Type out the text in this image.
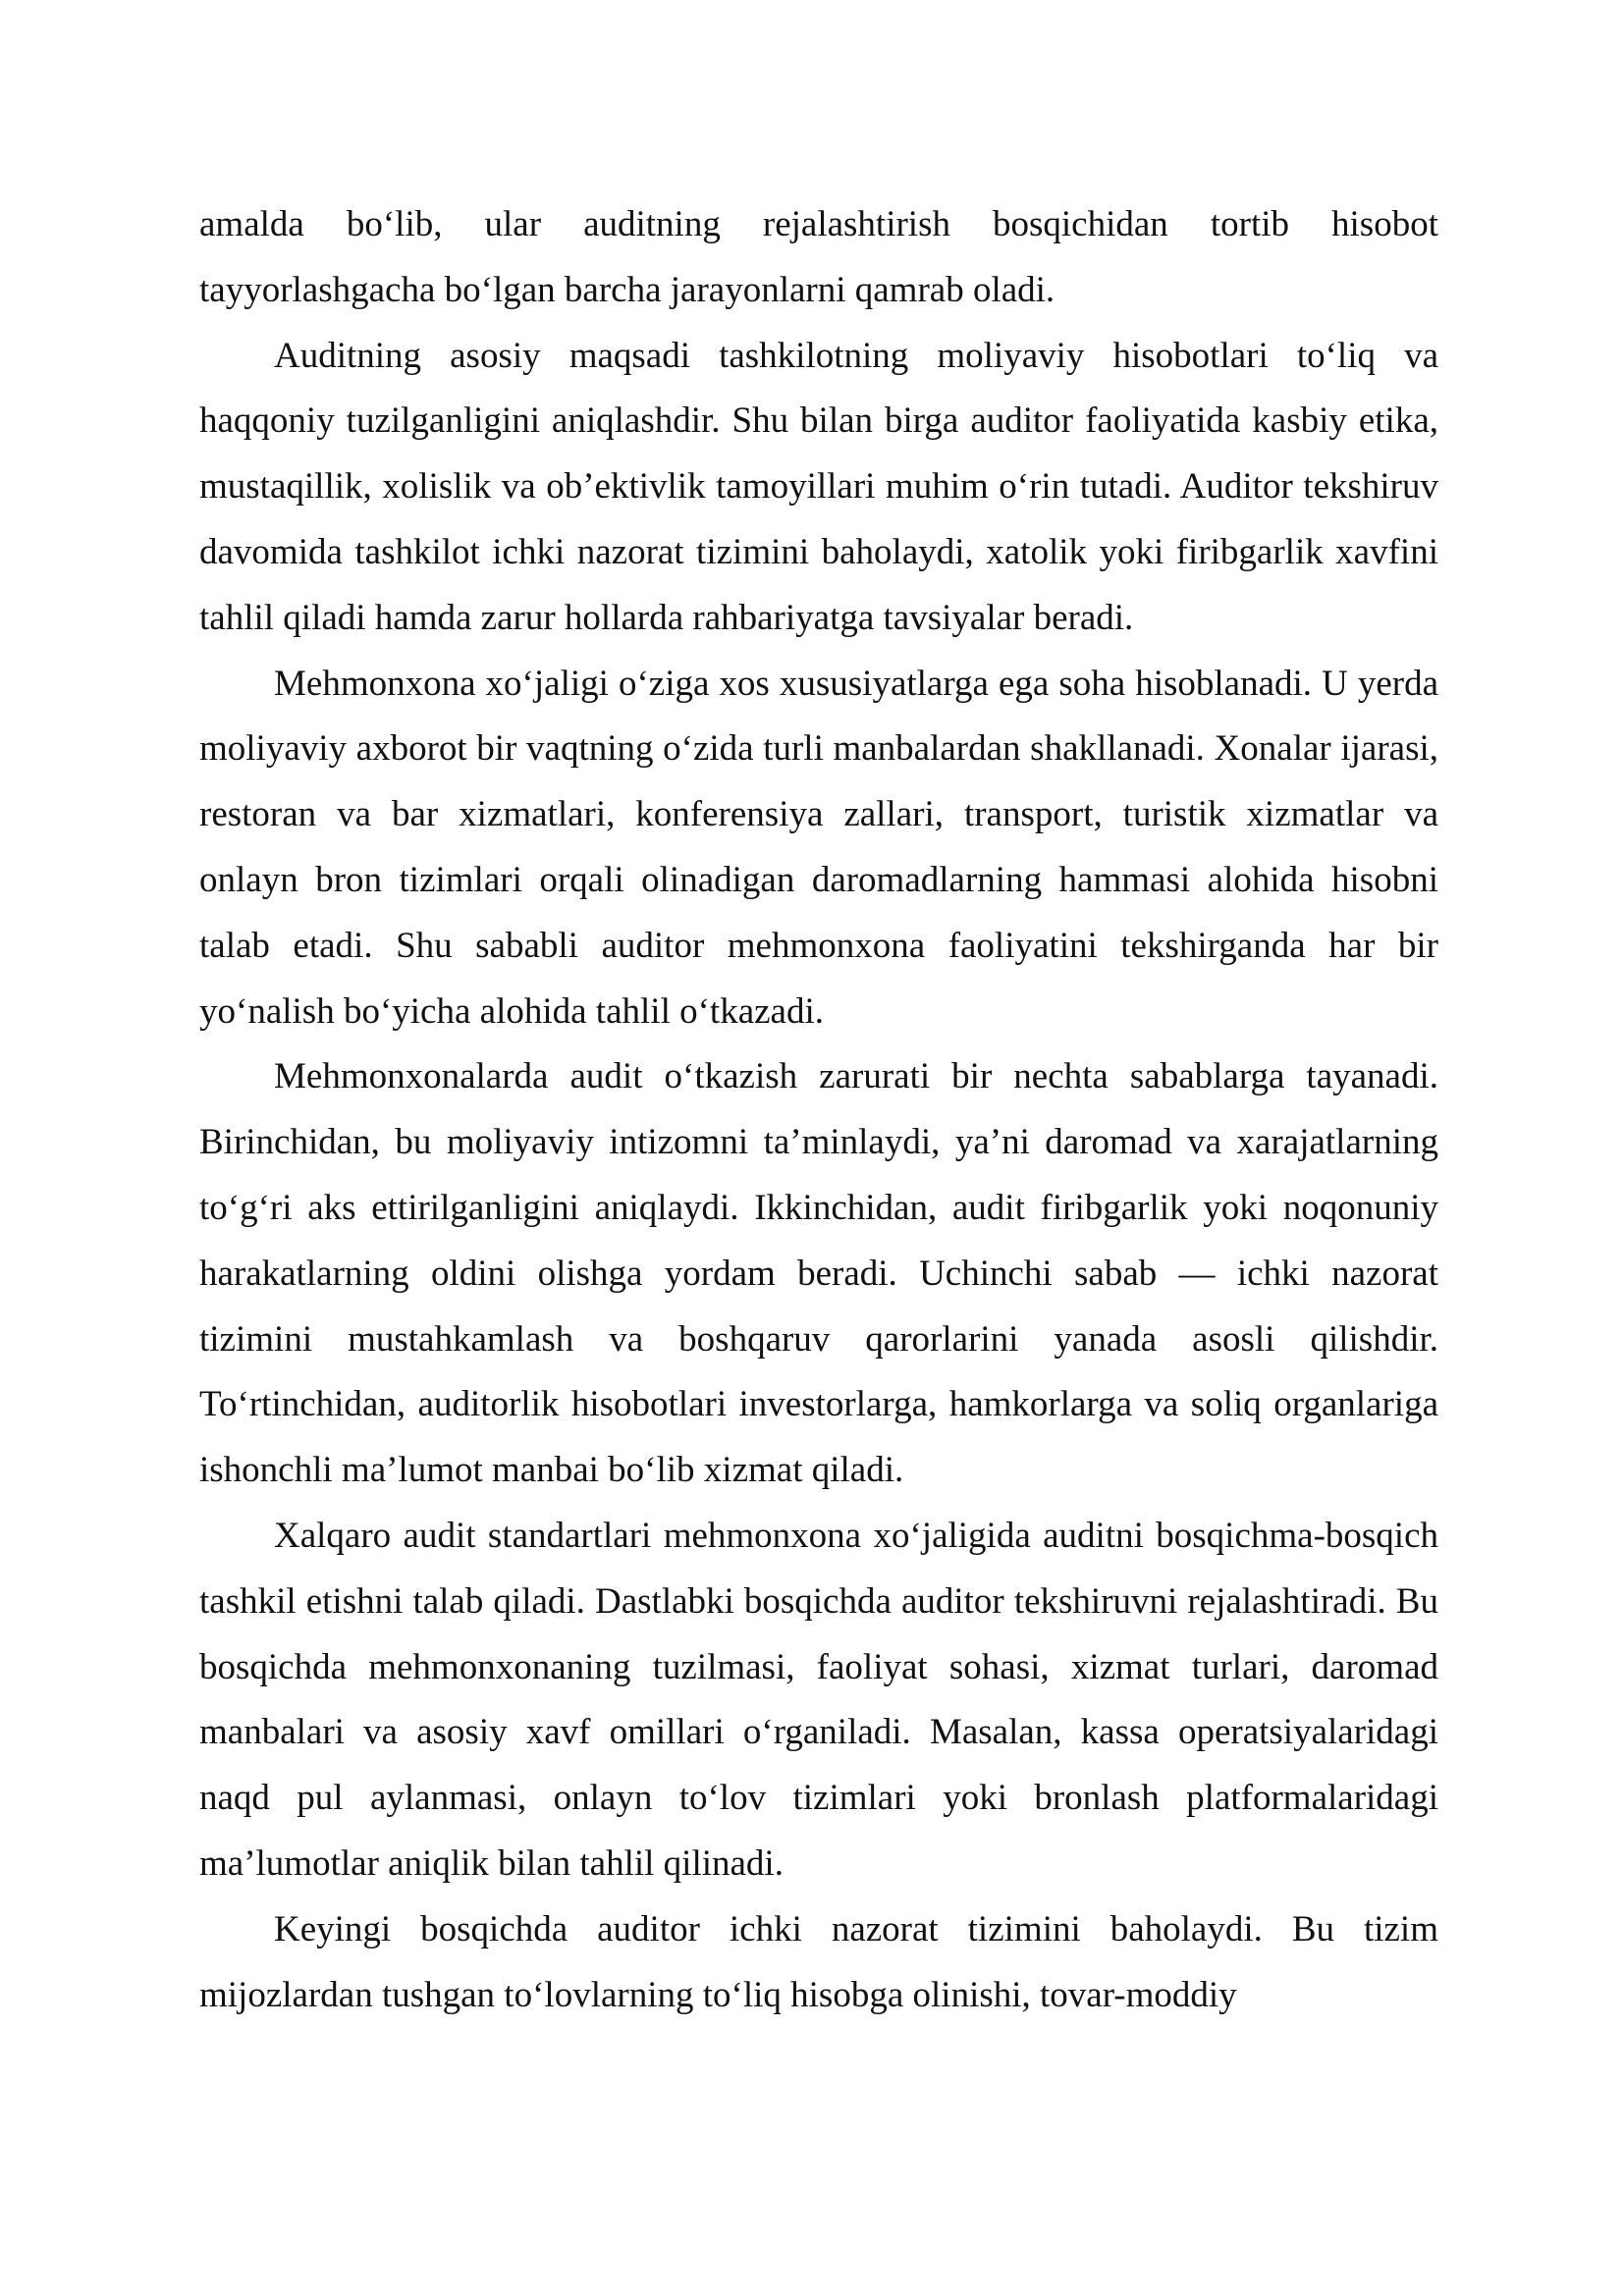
amalda bo‘lib, ular auditning rejalashtirish bosqichidan tortib hisobot tayyorlashgacha bo‘lgan barcha jarayonlarni qamrab oladi.

Auditning asosiy maqsadi tashkilotning moliyaviy hisobotlari to‘liq va haqqoniy tuzilganligini aniqlashdir. Shu bilan birga auditor faoliyatida kasbiy etika, mustaqillik, xolislik va ob’ektivlik tamoyillari muhim o‘rin tutadi. Auditor tekshiruv davomida tashkilot ichki nazorat tizimini baholaydi, xatolik yoki firibgarlik xavfini tahlil qiladi hamda zarur hollarda rahbariyatga tavsiyalar beradi.

Mehmonxona xo‘jaligi o‘ziga xos xususiyatlarga ega soha hisoblanadi. U yerda moliyaviy axborot bir vaqtning o‘zida turli manbalardan shakllanadi. Xonalar ijarasi, restoran va bar xizmatlari, konferensiya zallari, transport, turistik xizmatlar va onlayn bron tizimlari orqali olinadigan daromadlarning hammasi alohida hisobni talab etadi. Shu sababli auditor mehmonxona faoliyatini tekshirganda har bir yo‘nalish bo‘yicha alohida tahlil o‘tkazadi.

Mehmonxonalarda audit o‘tkazish zarurati bir nechta sabablarga tayanadi. Birinchidan, bu moliyaviy intizomni ta’minlaydi, ya’ni daromad va xarajatlarning to‘g‘ri aks ettirilganligini aniqlaydi. Ikkinchidan, audit firibgarlik yoki noqonuniy harakatlarning oldini olishga yordam beradi. Uchinchi sabab — ichki nazorat tizimini mustahkamlash va boshqaruv qarorlarini yanada asosli qilishdir. To‘rtinchidan, auditorlik hisobotlari investorlarga, hamkorlarga va soliq organlariga ishonchli ma’lumot manbai bo‘lib xizmat qiladi.

Xalqaro audit standartlari mehmonxona xo‘jaligida auditni bosqichma-bosqich tashkil etishni talab qiladi. Dastlabki bosqichda auditor tekshiruvni rejalashtiradi. Bu bosqichda mehmonxonaning tuzilmasi, faoliyat sohasi, xizmat turlari, daromad manbalari va asosiy xavf omillari o‘rganiladi. Masalan, kassa operatsiyalaridagi naqd pul aylanmasi, onlayn to‘lov tizimlari yoki bronlash platformalaridagi ma’lumotlar aniqlik bilan tahlil qilinadi.

Keyingi bosqichda auditor ichki nazorat tizimini baholaydi. Bu tizim mijozlardan tushgan to‘lovlarning to‘liq hisobga olinishi, tovar-moddiy
